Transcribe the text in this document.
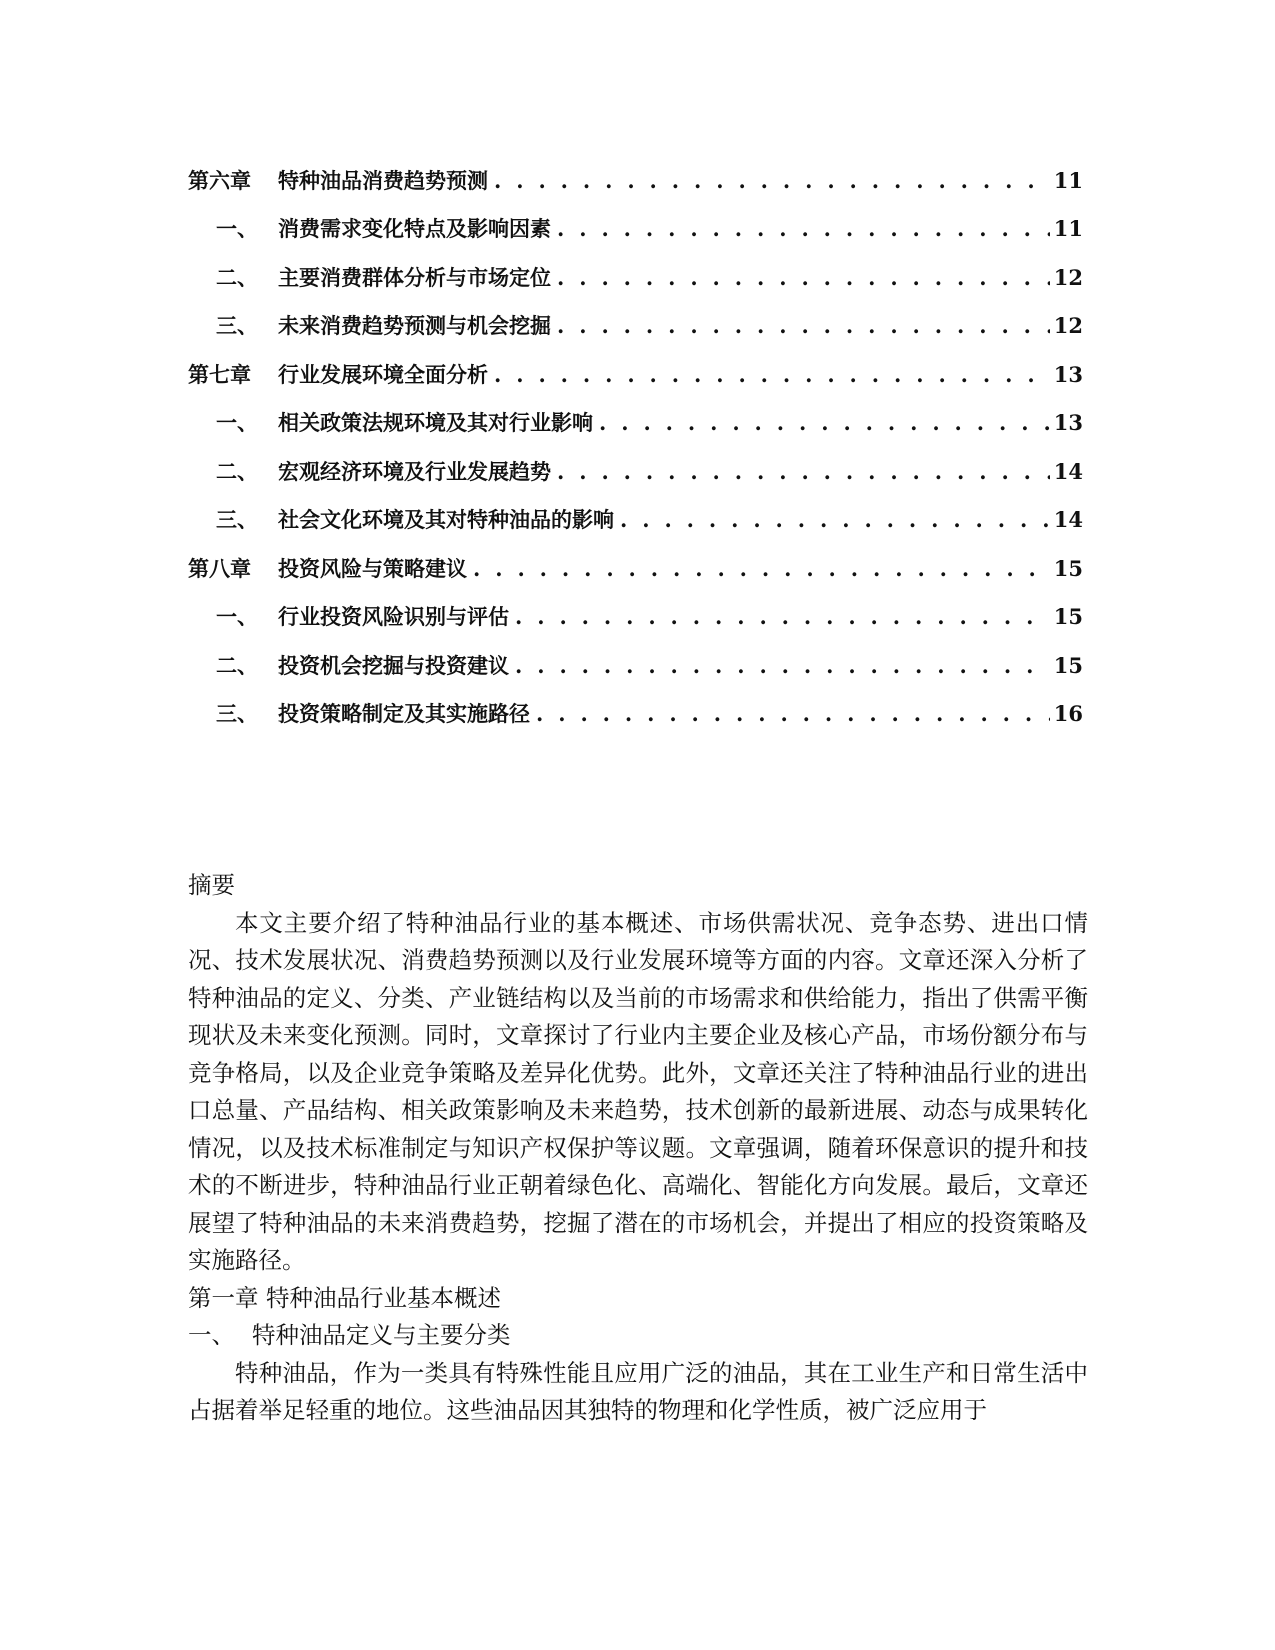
第六章	特种油品消费趋势预测 . . .	11
一、 消费需求变化特点及影响因素 . . .	11
二、 主要消费群体分析与市场定位 . . .	12
三、 未来消费趋势预测与机会挖掘 . . .	12
第七章	行业发展环境全面分析 . . .	13
一、 相关政策法规环境及其对行业影响 . . .	13
二、 宏观经济环境及行业发展趋势 . . .	14
三、 社会文化环境及其对特种油品的影响 . . .	14
第八章	投资风险与策略建议 . . .	15
一、 行业投资风险识别与评估 . . .	15
二、 投资机会挖掘与投资建议 . . .	15
三、 投资策略制定及其实施路径 . . .	16

摘要

本文主要介绍了特种油品行业的基本概述、市场供需状况、竞争态势、进出口情况、技术发展状况、消费趋势预测以及行业发展环境等方面的内容。文章还深入分析了特种油品的定义、分类、产业链结构以及当前的市场需求和供给能力，指出了供需平衡现状及未来变化预测。同时，文章探讨了行业内主要企业及核心产品，市场份额分布与竞争格局，以及企业竞争策略及差异化优势。此外，文章还关注了特种油品行业的进出口总量、产品结构、相关政策影响及未来趋势，技术创新的最新进展、动态与成果转化情况，以及技术标准制定与知识产权保护等议题。文章强调，随着环保意识的提升和技术的不断进步，特种油品行业正朝着绿色化、高端化、智能化方向发展。最后，文章还展望了特种油品的未来消费趋势，挖掘了潜在的市场机会，并提出了相应的投资策略及实施路径。

第一章 特种油品行业基本概述

一、 特种油品定义与主要分类

特种油品，作为一类具有特殊性能且应用广泛的油品，其在工业生产和日常生活中占据着举足轻重的地位。这些油品因其独特的物理和化学性质，被广泛应用于
